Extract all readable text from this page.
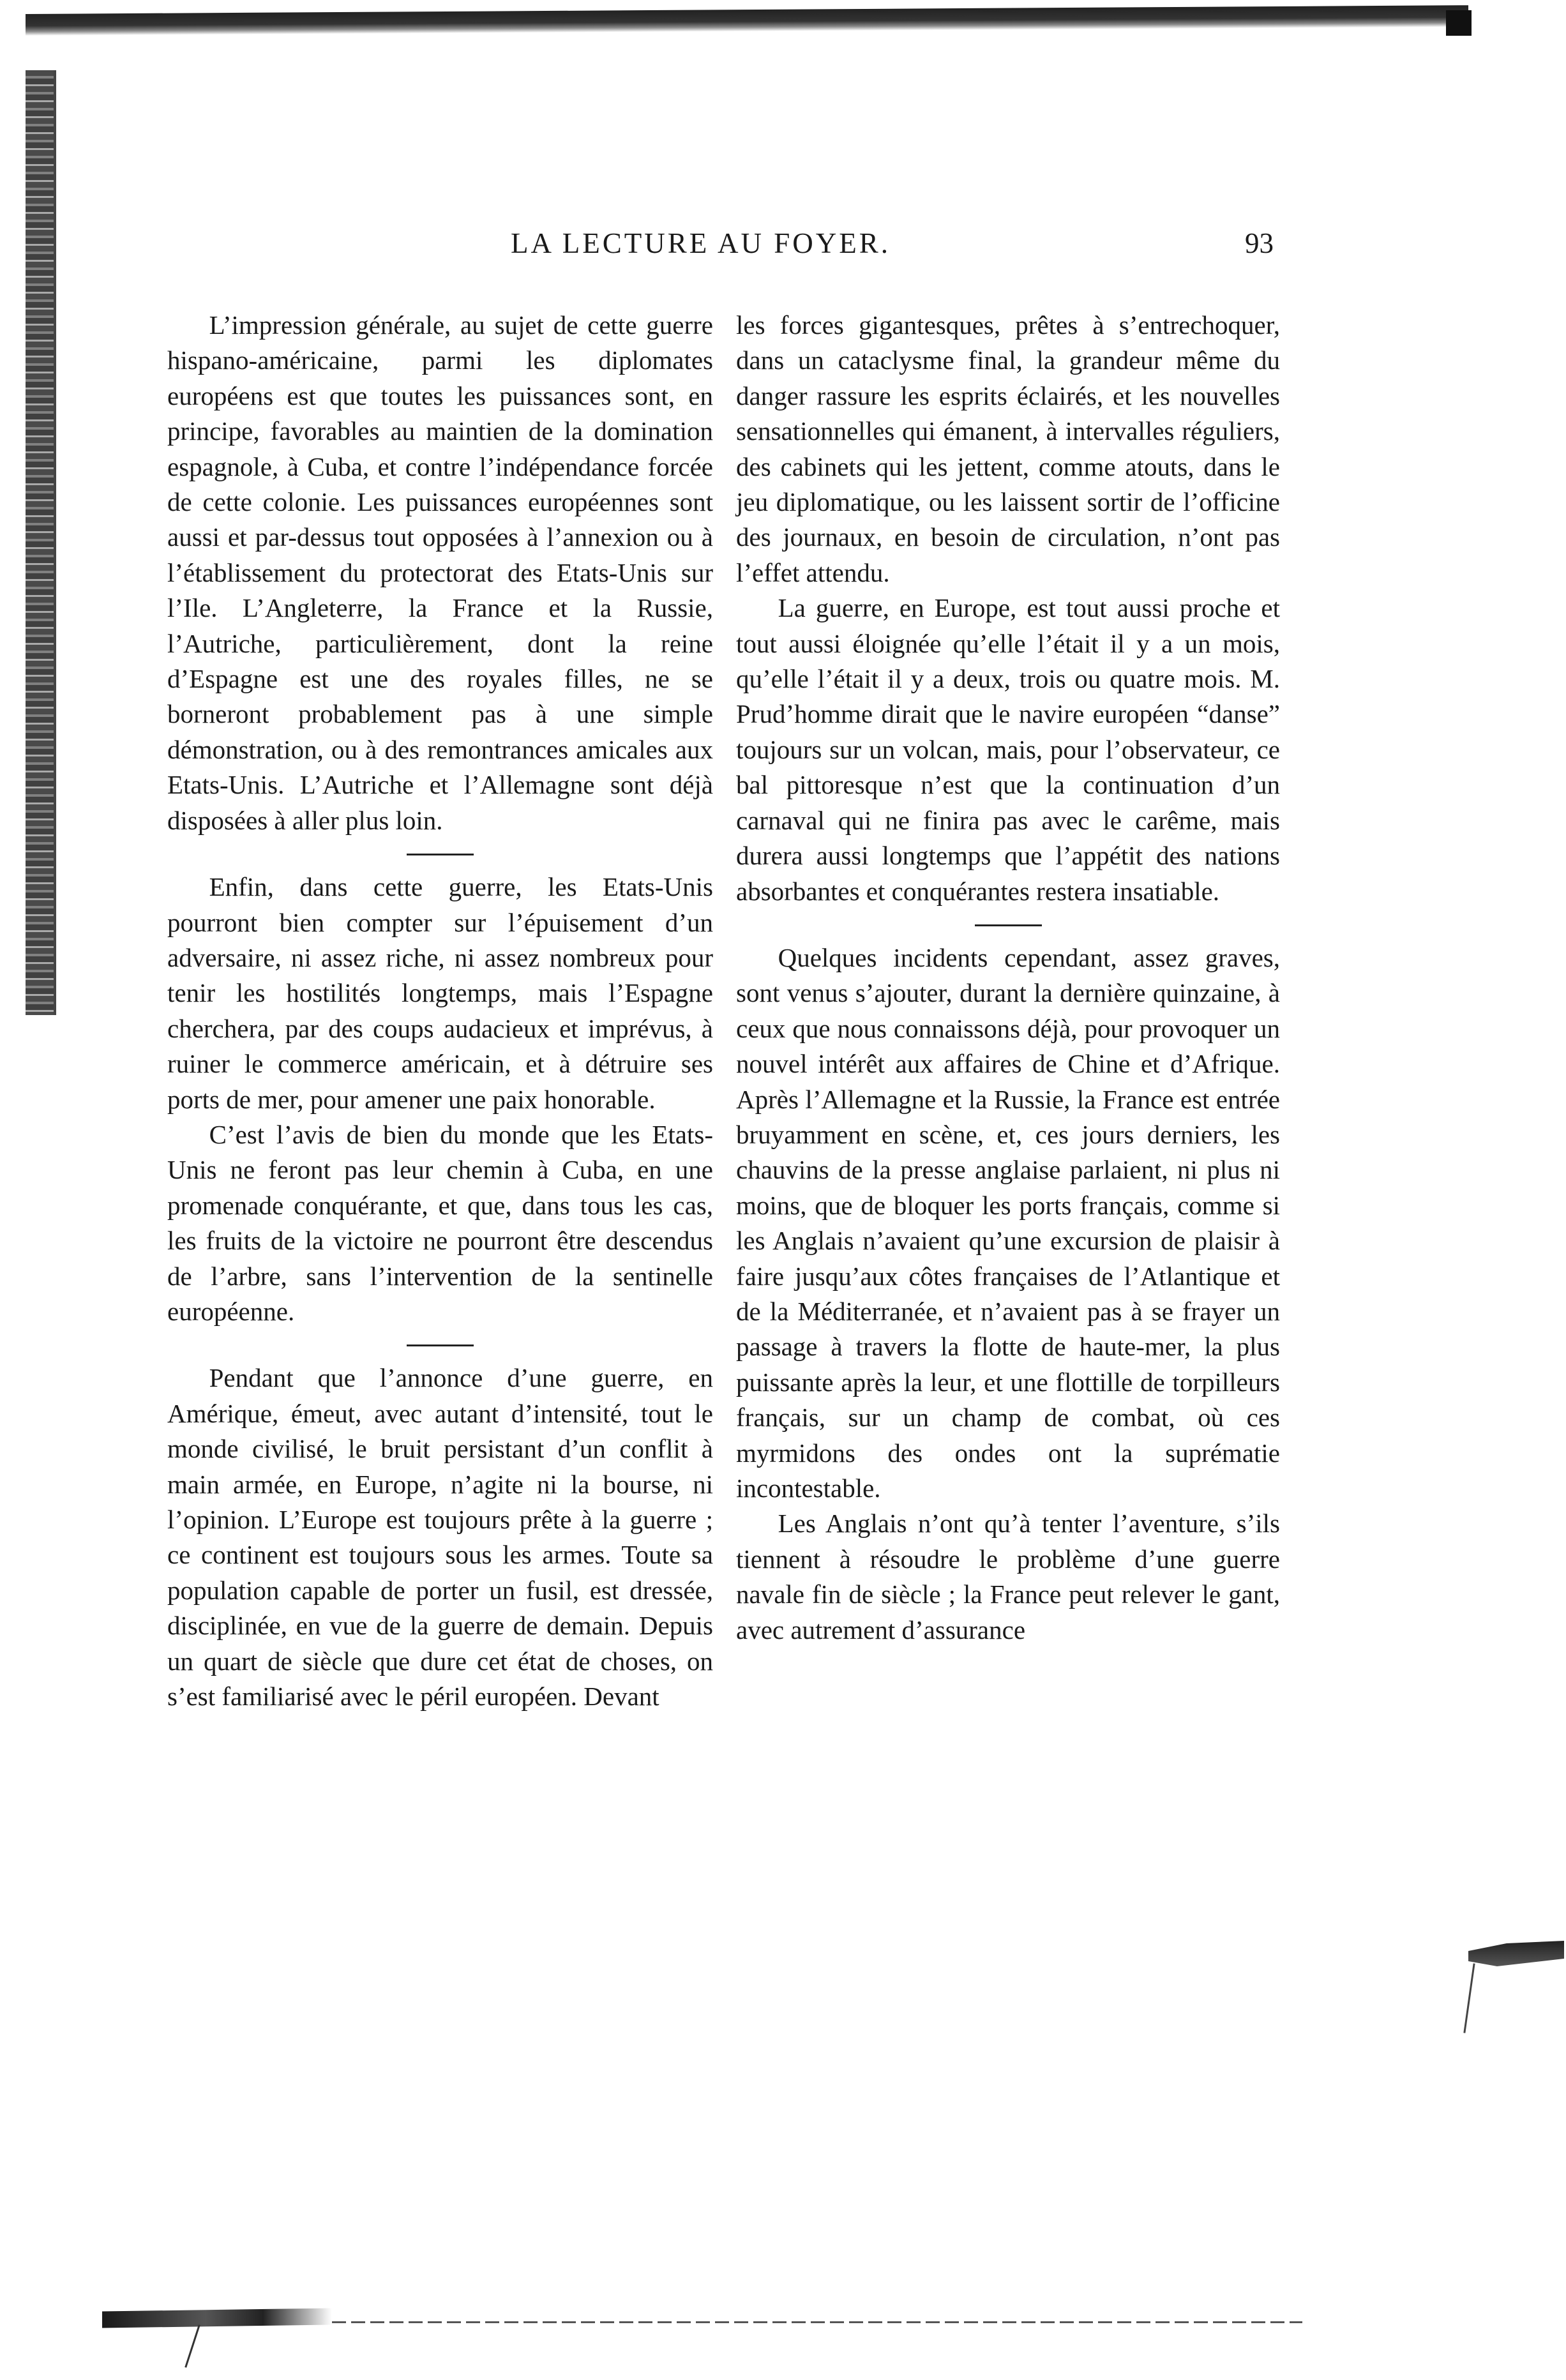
LA LECTURE AU FOYER.	93

L’impression générale, au sujet de cette guerre hispano-américaine, parmi les diplomates européens est que toutes les puissances sont, en principe, favorables au maintien de la domination espagnole, à Cuba, et contre l’indépendance forcée de cette colonie. Les puissances européennes sont aussi et par-dessus tout opposées à l’annexion ou à l’établissement du protectorat des Etats-Unis sur l’Ile. L’Angleterre, la France et la Russie, l’Autriche, particulièrement, dont la reine d’Espagne est une des royales filles, ne se borneront probablement pas à une simple démonstration, ou à des remontrances amicales aux Etats-Unis. L’Autriche et l’Allemagne sont déjà disposées à aller plus loin.

Enfin, dans cette guerre, les Etats-Unis pourront bien compter sur l’épuisement d’un adversaire, ni assez riche, ni assez nombreux pour tenir les hostilités longtemps, mais l’Espagne cherchera, par des coups audacieux et imprévus, à ruiner le commerce américain, et à détruire ses ports de mer, pour amener une paix honorable.

C’est l’avis de bien du monde que les Etats-Unis ne feront pas leur chemin à Cuba, en une promenade conquérante, et que, dans tous les cas, les fruits de la victoire ne pourront être descendus de l’arbre, sans l’intervention de la sentinelle européenne.

Pendant que l’annonce d’une guerre, en Amérique, émeut, avec autant d’intensité, tout le monde civilisé, le bruit persistant d’un conflit à main armée, en Europe, n’agite ni la bourse, ni l’opinion. L’Europe est toujours prête à la guerre ; ce continent est toujours sous les armes. Toute sa population capable de porter un fusil, est dressée, disciplinée, en vue de la guerre de demain. Depuis un quart de siècle que dure cet état de choses, on s’est familiarisé avec le péril européen. Devant

les forces gigantesques, prêtes à s’entrechoquer, dans un cataclysme final, la grandeur même du danger rassure les esprits éclairés, et les nouvelles sensationnelles qui émanent, à intervalles réguliers, des cabinets qui les jettent, comme atouts, dans le jeu diplomatique, ou les laissent sortir de l’officine des journaux, en besoin de circulation, n’ont pas l’effet attendu.

La guerre, en Europe, est tout aussi proche et tout aussi éloignée qu’elle l’était il y a un mois, qu’elle l’était il y a deux, trois ou quatre mois. M. Prud’homme dirait que le navire européen “danse” toujours sur un volcan, mais, pour l’observateur, ce bal pittoresque n’est que la continuation d’un carnaval qui ne finira pas avec le carême, mais durera aussi longtemps que l’appétit des nations absorbantes et conquérantes restera insatiable.

Quelques incidents cependant, assez graves, sont venus s’ajouter, durant la dernière quinzaine, à ceux que nous connaissons déjà, pour provoquer un nouvel intérêt aux affaires de Chine et d’Afrique. Après l’Allemagne et la Russie, la France est entrée bruyamment en scène, et, ces jours derniers, les chauvins de la presse anglaise parlaient, ni plus ni moins, que de bloquer les ports français, comme si les Anglais n’avaient qu’une excursion de plaisir à faire jusqu’aux côtes françaises de l’Atlantique et de la Méditerranée, et n’avaient pas à se frayer un passage à travers la flotte de haute-mer, la plus puissante après la leur, et une flottille de torpilleurs français, sur un champ de combat, où ces myrmidons des ondes ont la suprématie incontestable.

Les Anglais n’ont qu’à tenter l’aventure, s’ils tiennent à résoudre le problème d’une guerre navale fin de siècle ; la France peut relever le gant, avec autrement d’assurance
